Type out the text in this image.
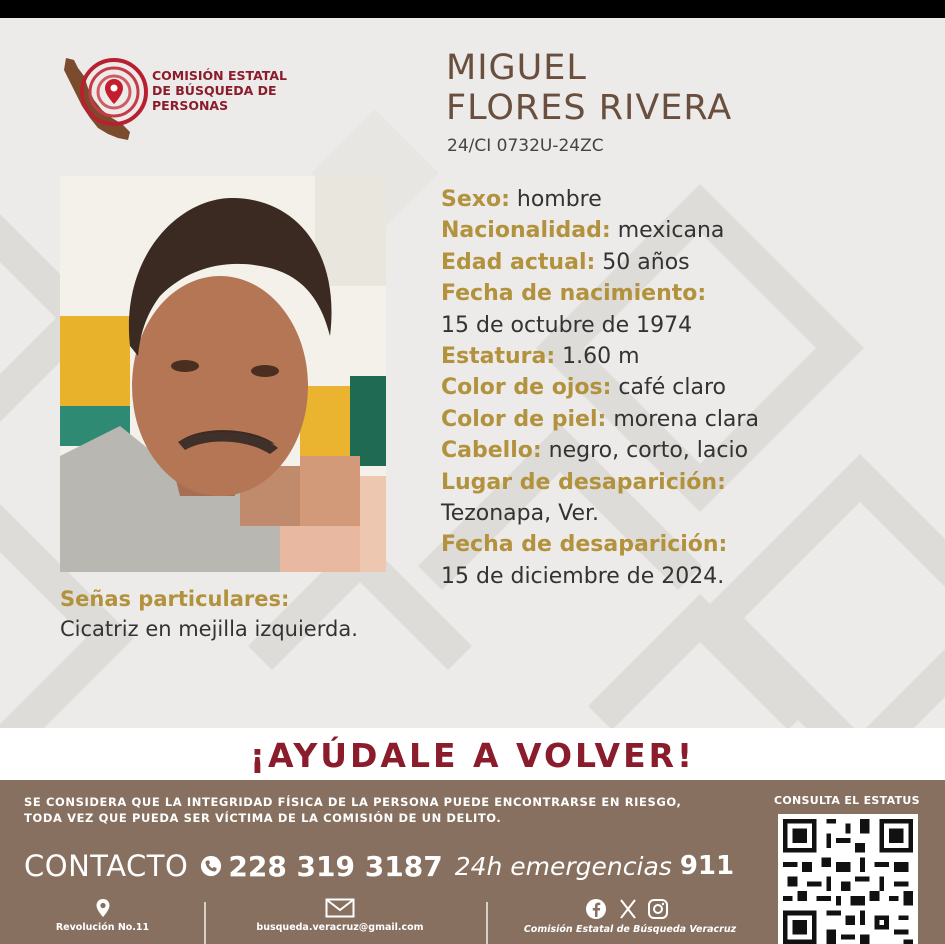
COMISIÓN ESTATAL
DE BÚSQUEDA DE
PERSONAS
MIGUEL
FLORES RIVERA
24/CI 0732U-24ZC
Sexo: hombre
Nacionalidad: mexicana
Edad actual: 50 años
Fecha de nacimiento:
15 de octubre de 1974
Estatura: 1.60 m
Color de ojos: café claro
Color de piel: morena clara
Cabello: negro, corto, lacio
Lugar de desaparición:
Tezonapa, Ver.
Fecha de desaparición:
15 de diciembre de 2024.
Señas particulares:
Cicatriz en mejilla izquierda.
¡AYÚDALE A VOLVER!
SE CONSIDERA QUE LA INTEGRIDAD FÍSICA DE LA PERSONA PUEDE ENCONTRARSE EN RIESGO,
TODA VEZ QUE PUEDA SER VÍCTIMA DE LA COMISIÓN DE UN DELITO.
CONSULTA EL ESTATUS
CONTACTO 228 319 3187 24h emergencias 911
Revolución No.11	busqueda.veracruz@gmail.com	Comisión Estatal de Búsqueda Veracruz
